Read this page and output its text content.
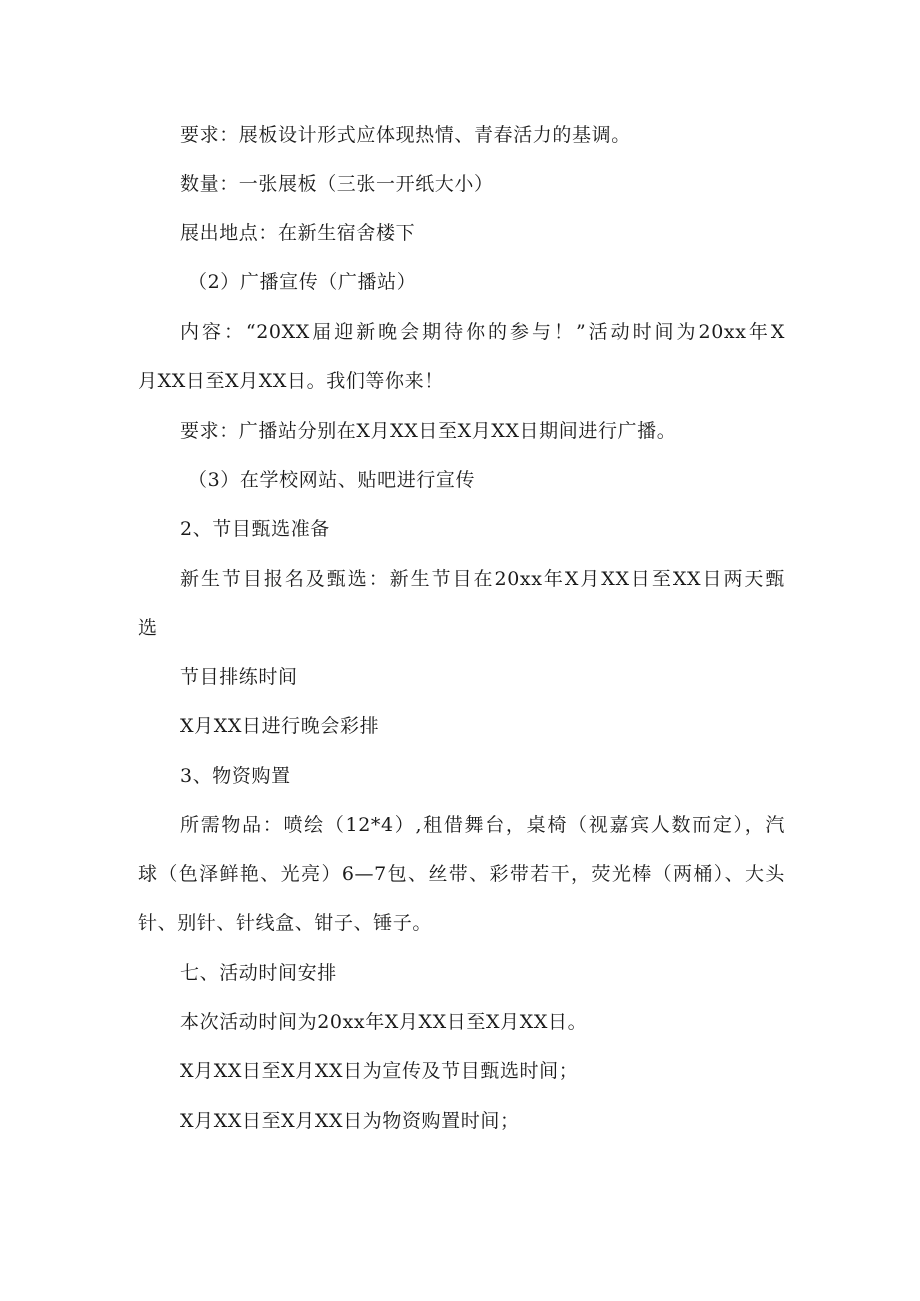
要求：展板设计形式应体现热情、青春活力的基调。
数量：一张展板（三张一开纸大小）
展出地点：在新生宿舍楼下
（2）广播宣传（广播站）
内容：“20XX届迎新晚会期待你的参与！”活动时间为20xx年X
月XX日至X月XX日。我们等你来！
要求：广播站分别在X月XX日至X月XX日期间进行广播。
（3）在学校网站、贴吧进行宣传
2、节目甄选准备
新生节目报名及甄选：新生节目在20xx年X月XX日至XX日两天甄
选
节目排练时间
X月XX日进行晚会彩排
3、物资购置
所需物品：喷绘（12*4）,租借舞台，桌椅（视嘉宾人数而定），汽
球（色泽鲜艳、光亮）6—7包、丝带、彩带若干，荧光棒（两桶）、大头
针、别针、针线盒、钳子、锤子。
七、活动时间安排
本次活动时间为20xx年X月XX日至X月XX日。
X月XX日至X月XX日为宣传及节目甄选时间；
X月XX日至X月XX日为物资购置时间；
